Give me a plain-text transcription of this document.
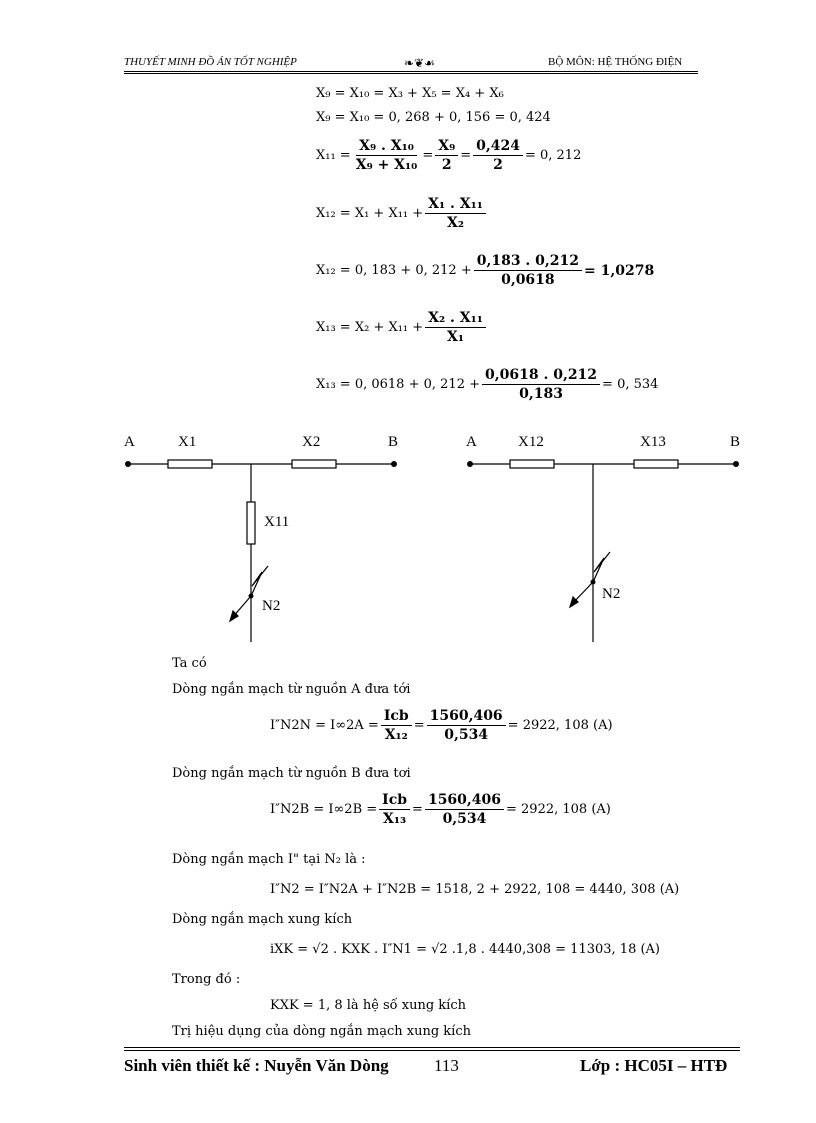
THUYẾT MINH ĐỒ ÁN TỐT NGHIỆP	❧❦☙	BỘ MÔN: HỆ THỐNG ĐIỆN
X₉ = X₁₀ = X₃ + X₅ = X₄ + X₆
X₉ = X₁₀ = 0, 268 + 0, 156 = 0, 424
$X_{11} = \frac{\text{X₉ . X₁₀}}{\text{X₉ + X₁₀}} = \frac{\text{X₉}}{2} = \frac{0,424}{2} = 0$, 212
$X_{12} = X_1 + X_{11} + \frac{\text{X₁ . X₁₁}}{\text{X₂}}$
X₁₂ = 0, 183 + 0, $212 + \frac{0,183 . 0,212}{0,0618} = 1,0278$
$X_{13} = X_2 + X_{11} + \frac{\text{X₂ . X₁₁}}{\text{X₁}}$
X₁₃ = 0, 0618 + 0, $212 + \frac{0,0618 . 0,212}{0,183} = 0$, 534
A	X1	X2	B
X11
N2
A	X12	X13	B
N2
Ta có
Dòng ngắn mạch từ nguồn A đưa tới
$I''N2N = I\infty 2A = \frac{\text{Icb}}{\text{X₁₂}} = \frac{1560,406}{0,534} = 2922$, 108 (A)
Dòng ngắn mạch từ nguồn B đưa tơi
$I''N2B = I\infty 2B = \frac{\text{Icb}}{\text{X₁₃}} = \frac{1560,406}{0,534} = 2922$, 108 (A)
Dòng ngắn mạch I" tại N₂ là :
I″N2 = I″N2A + I″N2B = 1518, 2 + 2922, 108 = 4440, 308 (A)
Dòng ngắn mạch xung kích
iXK = √2 . KXK . I″N1 = √2 .1,8 . 4440,308 = 11303, 18 (A)
Trong đó :
KXK = 1, 8 là hệ số xung kích
Trị hiệu dụng của dòng ngắn mạch xung kích
Sinh viên thiết kế : Nuyễn Văn Dòng	113	Lớp : HC05I – HTĐ
